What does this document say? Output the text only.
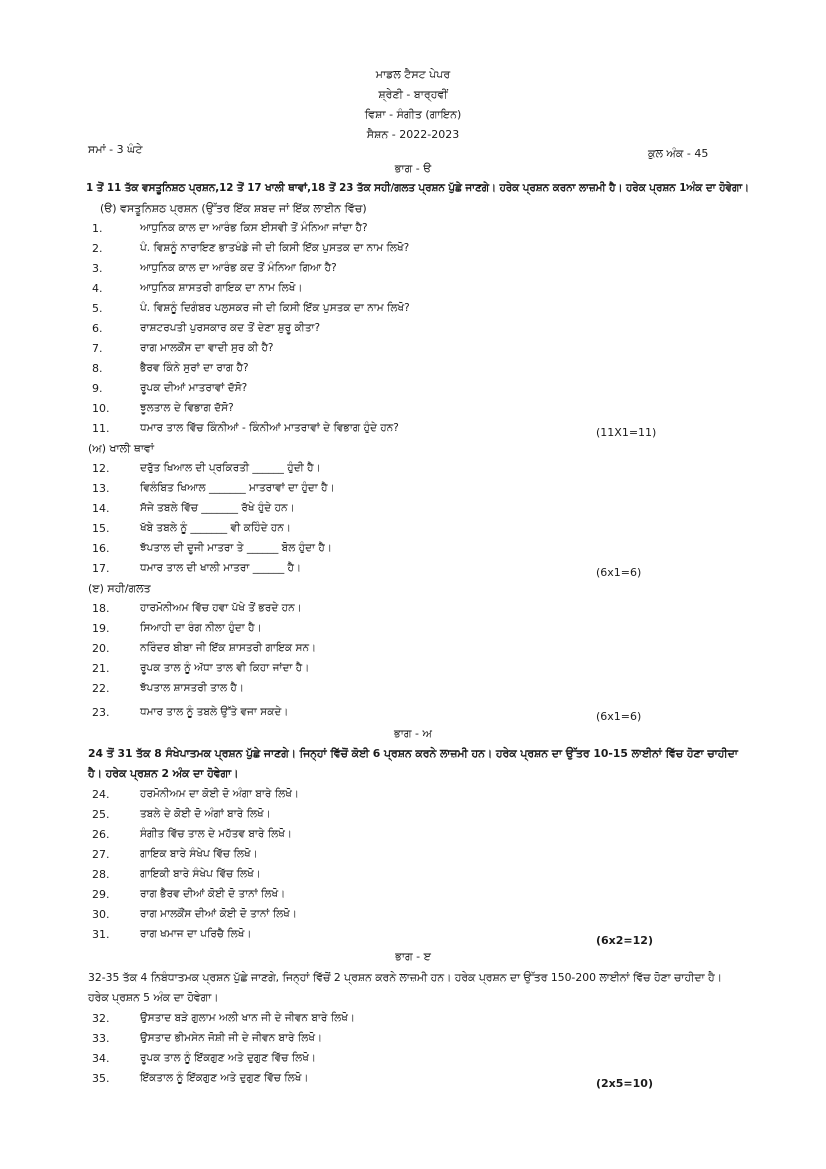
ਮਾਡਲ ਟੈਸਟ ਪੇਪਰ
ਸ਼੍ਰੇਣੀ - ਬਾਰ੍ਹਵੀਂ
ਵਿਸ਼ਾ - ਸੰਗੀਤ (ਗਾਇਨ)
ਸੈਸ਼ਨ - 2022-2023
ਸਮਾਂ - 3 ਘੰਟੇ	ਕੁਲ ਅੰਕ - 45
ਭਾਗ - ੳ
1 ਤੋਂ 11 ਤੱਕ ਵਸਤੂਨਿਸ਼ਠ ਪ੍ਰਸ਼ਨ,12 ਤੋਂ 17 ਖਾਲੀ ਥਾਵਾਂ,18 ਤੋਂ 23 ਤੱਕ ਸਹੀ/ਗਲਤ ਪ੍ਰਸ਼ਨ ਪੁੱਛੇ ਜਾਣਗੇ। ਹਰੇਕ ਪ੍ਰਸ਼ਨ ਕਰਨਾ ਲਾਜ਼ਮੀ ਹੈ। ਹਰੇਕ ਪ੍ਰਸ਼ਨ 1ਅੰਕ ਦਾ ਹੋਵੇਗਾ।
(ੳ) ਵਸਤੂਨਿਸ਼ਠ ਪ੍ਰਸ਼ਨ (ਉੱਤਰ ਇੱਕ ਸ਼ਬਦ ਜਾਂ ਇੱਕ ਲਾਈਨ ਵਿੱਚ)
1.	ਆਧੁਨਿਕ ਕਾਲ ਦਾ ਆਰੰਭ ਕਿਸ ਈਸਵੀ ਤੋਂ ਮੰਨਿਆ ਜਾਂਦਾ ਹੈ?
2.	ਪੰ. ਵਿਸ਼ਨੂੰ ਨਾਰਾਇਣ ਭਾਤਖੰਡੇ ਜੀ ਦੀ ਕਿਸੀ ਇੱਕ ਪੁਸਤਕ ਦਾ ਨਾਮ ਲਿਖੋ?
3.	ਆਧੁਨਿਕ ਕਾਲ ਦਾ ਆਰੰਭ ਕਦ ਤੋਂ ਮੰਨਿਆ ਗਿਆ ਹੈ?
4.	ਆਧੁਨਿਕ ਸ਼ਾਸਤਰੀ ਗਾਇਕ ਦਾ ਨਾਮ ਲਿਖੋ।
5.	ਪੰ. ਵਿਸ਼ਨੂੰ ਦਿਗੰਬਰ ਪਲੁਸਕਰ ਜੀ ਦੀ ਕਿਸੀ ਇੱਕ ਪੁਸਤਕ ਦਾ ਨਾਮ ਲਿਖੋ?
6.	ਰਾਸ਼ਟਰਪਤੀ ਪੁਰਸਕਾਰ ਕਦ ਤੋਂ ਦੇਣਾ ਸ਼ੁਰੂ ਕੀਤਾ?
7.	ਰਾਗ ਮਾਲਕੌਂਸ ਦਾ ਵਾਦੀ ਸੁਰ ਕੀ ਹੈ?
8.	ਭੈਰਵ ਕਿੰਨੇ ਸੁਰਾਂ ਦਾ ਰਾਗ ਹੈ?
9.	ਰੂਪਕ ਦੀਆਂ ਮਾਤਰਾਵਾਂ ਦੱਸੋ?
10.	ਝੂਲਤਾਲ ਦੇ ਵਿਭਾਗ ਦੱਸੋ?
11.	ਧਮਾਰ ਤਾਲ ਵਿੱਚ ਕਿੰਨੀਆਂ - ਕਿੰਨੀਆਂ ਮਾਤਰਾਵਾਂ ਦੇ ਵਿਭਾਗ ਹੁੰਦੇ ਹਨ?	(11X1=11)
(ਅ) ਖਾਲੀ ਥਾਵਾਂ
12.	ਦਰੁੱਤ ਖਿਆਲ ਦੀ ਪ੍ਰਕਿਰਤੀ ______ ਹੁੰਦੀ ਹੈ।
13.	ਵਿਲੰਬਿਤ ਖਿਆਲ _______ ਮਾਤਰਾਵਾਂ ਦਾ ਹੁੰਦਾ ਹੈ।
14.	ਸੱਜੇ ਤਬਲੇ ਵਿੱਚ _______ ਰੱਖੇ ਹੁੰਦੇ ਹਨ।
15.	ਖੱਬੇ ਤਬਲੇ ਨੂੰ _______ ਵੀ ਕਹਿੰਦੇ ਹਨ।
16.	ਝੱਪਤਾਲ ਦੀ ਦੂਜੀ ਮਾਤਰਾ ਤੇ ______ ਬੋਲ ਹੁੰਦਾ ਹੈ।
17.	ਧਮਾਰ ਤਾਲ ਦੀ ਖਾਲੀ ਮਾਤਰਾ ______ ਹੈ।	(6x1=6)
(ੲ) ਸਹੀ/ਗਲਤ
18.	ਹਾਰਮੋਨੀਅਮ ਵਿੱਚ ਹਵਾ ਪੱਖੇ ਤੋਂ ਭਰਦੇ ਹਨ।
19.	ਸਿਆਹੀ ਦਾ ਰੰਗ ਨੀਲਾ ਹੁੰਦਾ ਹੈ।
20.	ਨਰਿੰਦਰ ਬੀਬਾ ਜੀ ਇੱਕ ਸ਼ਾਸਤਰੀ ਗਾਇਕ ਸਨ।
21.	ਰੂਪਕ ਤਾਲ ਨੂੰ ਅੱਧਾ ਤਾਲ ਵੀ ਕਿਹਾ ਜਾਂਦਾ ਹੈ।
22.	ਝੱਪਤਾਲ ਸ਼ਾਸਤਰੀ ਤਾਲ ਹੈ।
23.	ਧਮਾਰ ਤਾਲ ਨੂੰ ਤਬਲੇ ਉੱਤੇ ਵਜਾ ਸਕਦੇ।	(6x1=6)
ਭਾਗ - ਅ
24 ਤੋਂ 31 ਤੱਕ 8 ਸੰਖੇਪਾਤਮਕ ਪ੍ਰਸ਼ਨ ਪੁੱਛੇ ਜਾਣਗੇ। ਜਿਨ੍ਹਾਂ ਵਿੱਚੋਂ ਕੋਈ 6 ਪ੍ਰਸ਼ਨ ਕਰਨੇ ਲਾਜ਼ਮੀ ਹਨ। ਹਰੇਕ ਪ੍ਰਸ਼ਨ ਦਾ ਉੱਤਰ 10-15 ਲਾਈਨਾਂ ਵਿੱਚ ਹੋਣਾ ਚਾਹੀਦਾ ਹੈ। ਹਰੇਕ ਪ੍ਰਸ਼ਨ 2 ਅੰਕ ਦਾ ਹੋਵੇਗਾ।
24.	ਹਰਮੋਨੀਅਮ ਦਾ ਕੋਈ ਦੋ ਅੰਗਾ ਬਾਰੇ ਲਿਖੋ।
25.	ਤਬਲੇ ਦੇ ਕੋਈ ਦੋ ਅੰਗਾਂ ਬਾਰੇ ਲਿਖੋ।
26.	ਸੰਗੀਤ ਵਿੱਚ ਤਾਲ ਦੇ ਮਹੱਤਵ ਬਾਰੇ ਲਿਖੋ।
27.	ਗਾਇਕ ਬਾਰੇ ਸੰਖੇਪ ਵਿੱਚ ਲਿਖੋ।
28.	ਗਾਇਕੀ ਬਾਰੇ ਸੰਖੇਪ ਵਿੱਚ ਲਿਖੋ।
29.	ਰਾਗ ਭੈਰਵ ਦੀਆਂ ਕੋਈ ਦੋ ਤਾਨਾਂ ਲਿਖੋ।
30.	ਰਾਗ ਮਾਲਕੌਂਸ ਦੀਆਂ ਕੋਈ ਦੋ ਤਾਨਾਂ ਲਿਖੋ।
31.	ਰਾਗ ਖਮਾਜ ਦਾ ਪਰਿਚੈ ਲਿਖੋ।	(6x2=12)
ਭਾਗ - ੲ
32-35 ਤੱਕ 4 ਨਿਬੰਧਾਤਮਕ ਪ੍ਰਸ਼ਨ ਪੁੱਛੇ ਜਾਣਗੇ, ਜਿਨ੍ਹਾਂ ਵਿੱਚੋਂ 2 ਪ੍ਰਸ਼ਨ ਕਰਨੇ ਲਾਜ਼ਮੀ ਹਨ। ਹਰੇਕ ਪ੍ਰਸ਼ਨ ਦਾ ਉੱਤਰ 150-200 ਲਾਈਨਾਂ ਵਿੱਚ ਹੋਣਾ ਚਾਹੀਦਾ ਹੈ। ਹਰੇਕ ਪ੍ਰਸ਼ਨ 5 ਅੰਕ ਦਾ ਹੋਵੇਗਾ।
32.	ਉਸਤਾਦ ਬੜੇ ਗੁਲਾਮ ਅਲੀ ਖਾਨ ਜੀ ਦੇ ਜੀਵਨ ਬਾਰੇ ਲਿਖੋ।
33.	ਉਸਤਾਦ ਭੀਮਸੇਨ ਜੋਸ਼ੀ ਜੀ ਦੇ ਜੀਵਨ ਬਾਰੇ ਲਿਖੋ।
34.	ਰੂਪਕ ਤਾਲ ਨੂੰ ਇੱਕਗੁਣ ਅਤੇ ਦੁਗੁਣ ਵਿੱਚ ਲਿਖੋ।
35.	ਇੱਕਤਾਲ ਨੂੰ ਇੱਕਗੁਣ ਅਤੇ ਦੁਗੁਣ ਵਿੱਚ ਲਿਖੋ।	(2x5=10)
